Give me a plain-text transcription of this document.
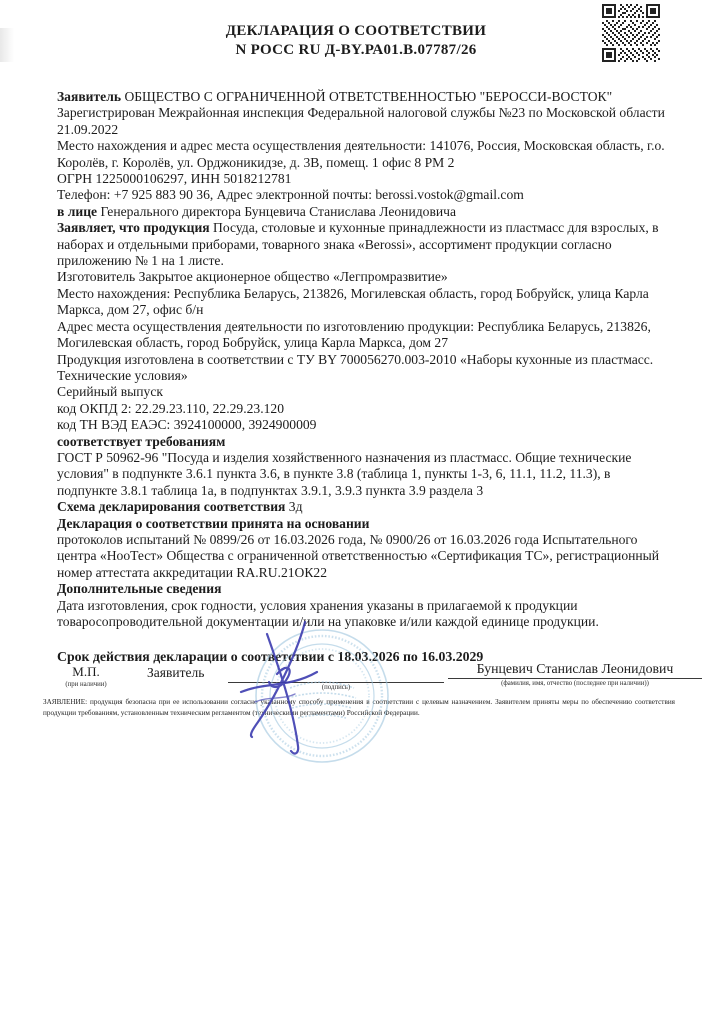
ДЕКЛАРАЦИЯ О СООТВЕТСТВИИ
N РОСС RU Д-BY.РА01.В.07787/26

Заявитель ОБЩЕСТВО С ОГРАНИЧЕННОЙ ОТВЕТСТВЕННОСТЬЮ "БЕРОССИ-ВОСТОК"

Зарегистрирован Межрайонная инспекция Федеральной налоговой службы №23 по Московской области 21.09.2022

Место нахождения и адрес места осуществления деятельности: 141076, Россия, Московская область, г.о. Королёв, г. Королёв, ул. Орджоникидзе, д. 3В, помещ. 1 офис 8 РМ 2

ОГРН 1225000106297, ИНН 5018212781

Телефон: +7 925 883 90 36, Адрес электронной почты: berossi.vostok@gmail.com

в лице Генерального директора Бунцевича Станислава Леонидовича

Заявляет, что продукция Посуда, столовые и кухонные принадлежности из пластмасс для взрослых, в наборах и отдельными приборами, товарного знака «Berossi», ассортимент продукции согласно приложению № 1 на 1 листе.

Изготовитель Закрытое акционерное общество «Легпромразвитие»

Место нахождения: Республика Беларусь, 213826, Могилевская область, город Бобруйск, улица Карла Маркса, дом 27, офис б/н

Адрес места осуществления деятельности по изготовлению продукции: Республика Беларусь, 213826, Могилевская область, город Бобруйск, улица Карла Маркса, дом 27

Продукция изготовлена в соответствии с ТУ BY 700056270.003-2010 «Наборы кухонные из пластмасс. Технические условия»

Серийный выпуск

код ОКПД 2: 22.29.23.110, 22.29.23.120

код ТН ВЭД ЕАЭС: 3924100000, 3924900009

соответствует требованиям

ГОСТ Р 50962-96 "Посуда и изделия хозяйственного назначения из пластмасс. Общие технические условия" в подпункте 3.6.1 пункта 3.6, в пункте 3.8 (таблица 1, пункты 1-3, 6, 11.1, 11.2, 11.3), в подпункте 3.8.1 таблица 1а, в подпунктах 3.9.1, 3.9.3 пункта 3.9 раздела 3

Схема декларирования соответствия 3д

Декларация о соответствии принята на основании

протоколов испытаний № 0899/26 от 16.03.2026 года, № 0900/26 от 16.03.2026 года Испытательного центра «НооТест» Общества с ограниченной ответственностью «Сертификация ТС», регистрационный номер аттестата аккредитации RA.RU.21ОК22

Дополнительные сведения

Дата изготовления, срок годности, условия хранения указаны в прилагаемой к продукции товаросопроводительной документации и/или на упаковке и/или каждой единице продукции.

Срок действия декларации о соответствии с 18.03.2026 по 16.03.2029
М.П.
(при наличии)
Заявитель
(подпись)
Бунцевич Станислав Леонидович
(фамилия, имя, отчество (последнее при наличии))
ЗАЯВЛЕНИЕ: продукция безопасна при ее использовании согласно указанному способу применения в соответствии с целевым назначением. Заявителем приняты меры по обеспечению соответствия продукции требованиям, установленным техническим регламентом (техническими регламентами) Российской Федерации.
